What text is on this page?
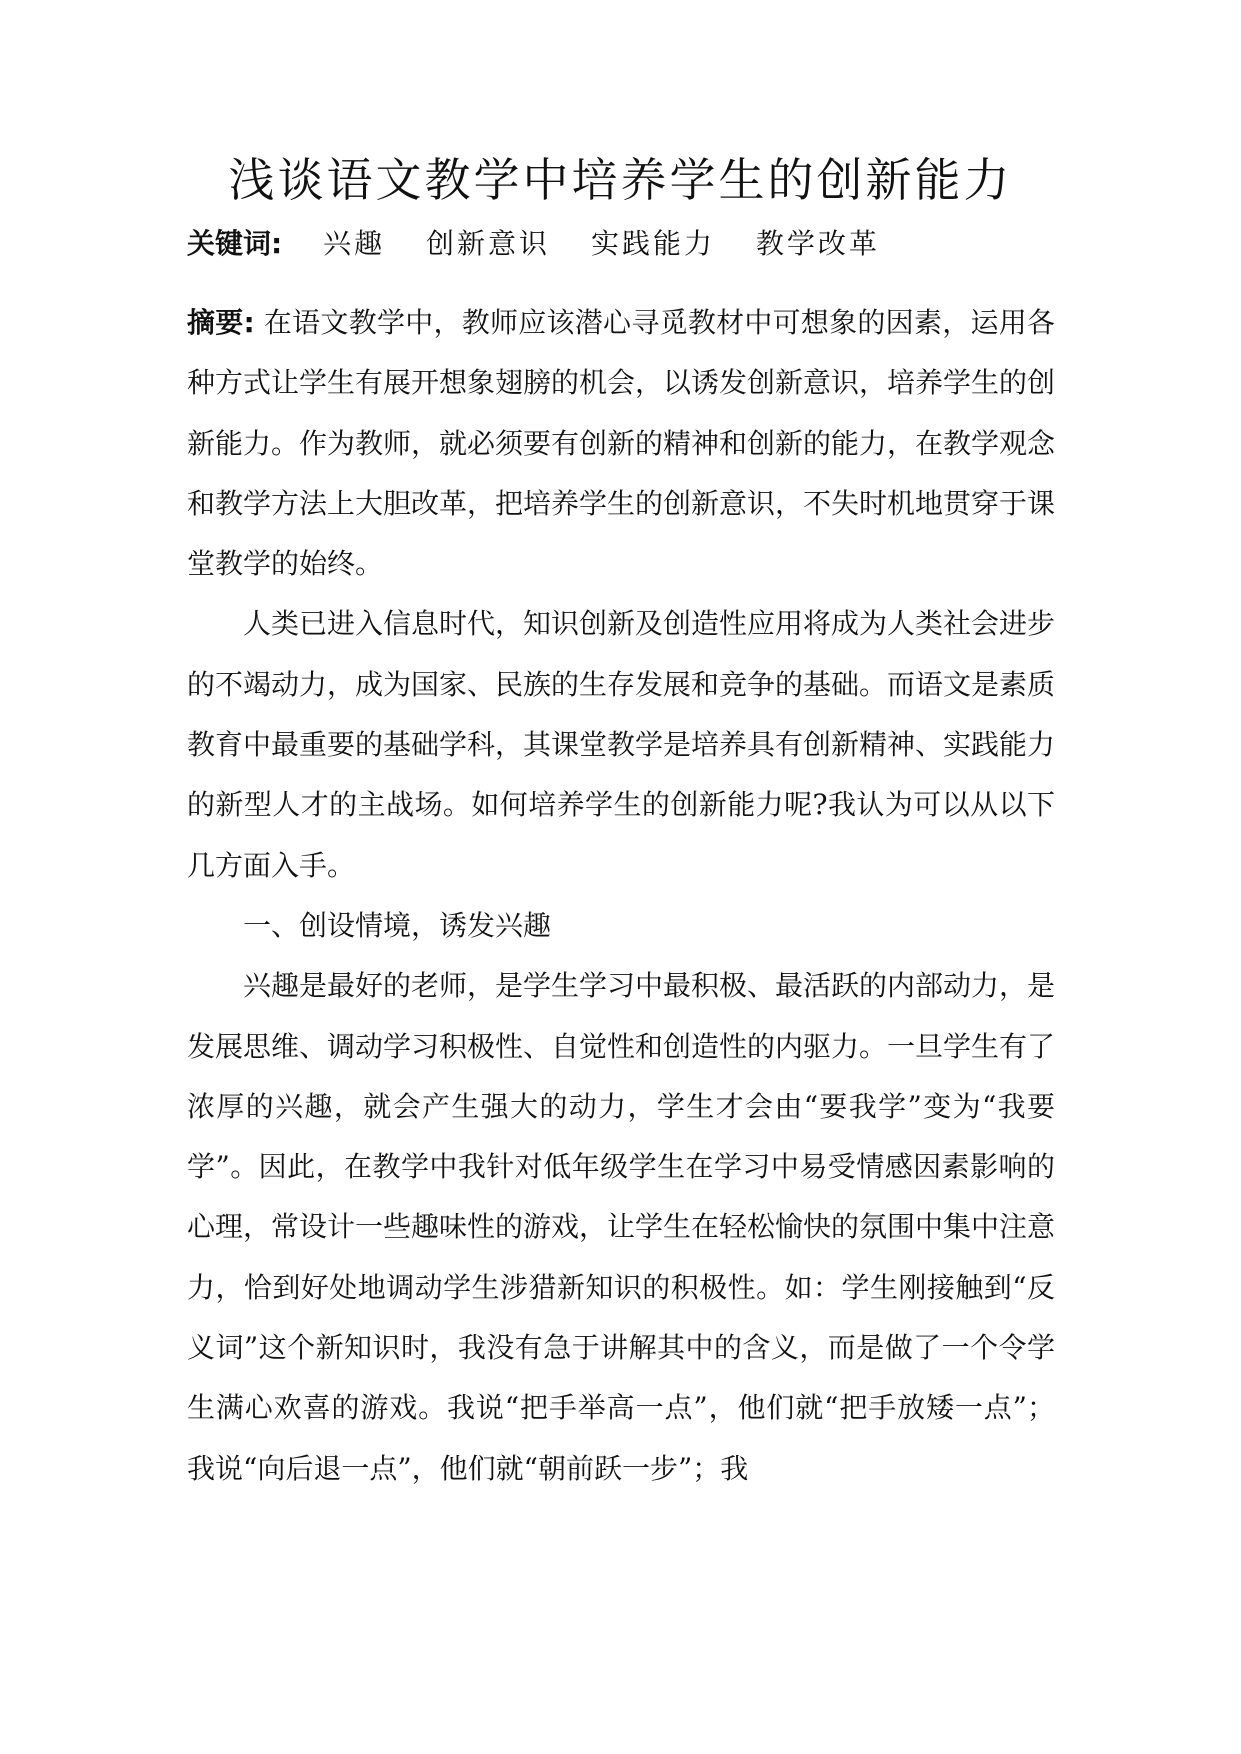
浅谈语文教学中培养学生的创新能力
关键词: 兴趣 创新意识 实践能力 教学改革

摘要: 在语文教学中，教师应该潜心寻觅教材中可想象的因素，运用各种方式让学生有展开想象翅膀的机会，以诱发创新意识，培养学生的创新能力。作为教师，就必须要有创新的精神和创新的能力，在教学观念和教学方法上大胆改革，把培养学生的创新意识，不失时机地贯穿于课堂教学的始终。

人类已进入信息时代，知识创新及创造性应用将成为人类社会进步的不竭动力，成为国家、民族的生存发展和竞争的基础。而语文是素质教育中最重要的基础学科，其课堂教学是培养具有创新精神、实践能力的新型人才的主战场。如何培养学生的创新能力呢?我认为可以从以下几方面入手。

一、创设情境，诱发兴趣

兴趣是最好的老师，是学生学习中最积极、最活跃的内部动力，是发展思维、调动学习积极性、自觉性和创造性的内驱力。一旦学生有了浓厚的兴趣，就会产生强大的动力，学生才会由“要我学”变为“我要学”。因此，在教学中我针对低年级学生在学习中易受情感因素影响的心理，常设计一些趣味性的游戏，让学生在轻松愉快的氛围中集中注意力，恰到好处地调动学生涉猎新知识的积极性。如：学生刚接触到“反义词”这个新知识时，我没有急于讲解其中的含义，而是做了一个令学生满心欢喜的游戏。我说“把手举高一点”，他们就“把手放矮一点”；我说“向后退一点”，他们就“朝前跃一步”；我
